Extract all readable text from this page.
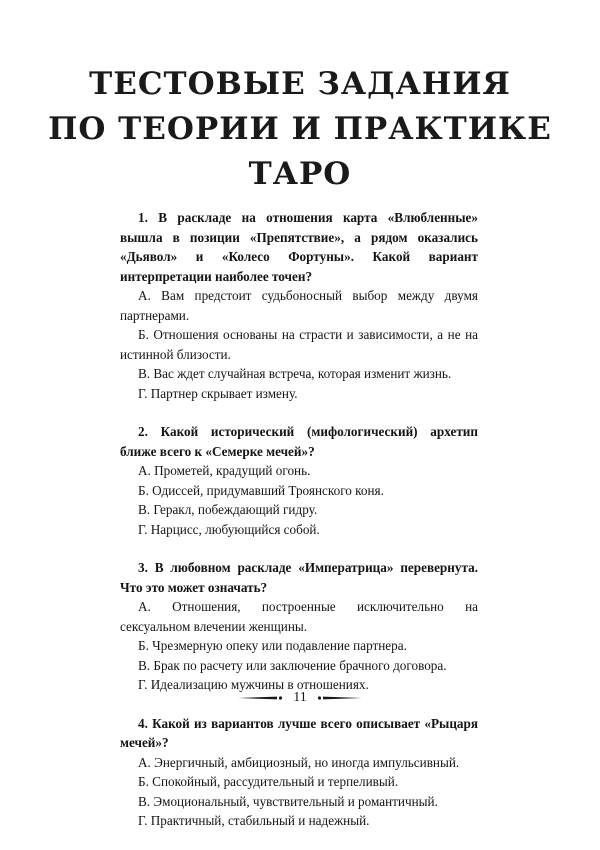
ТЕСТОВЫЕ ЗАДАНИЯ
ПО ТЕОРИИ И ПРАКТИКЕ
ТАРО

1. В раскладе на отношения карта «Влюбленные» вышла в позиции «Препятствие», а рядом оказались «Дьявол» и «Колесо Фортуны». Какой вариант интерпретации наиболее точен?

А. Вам предстоит судьбоносный выбор между двумя партнерами.

Б. Отношения основаны на страсти и зависимости, а не на истинной близости.

В. Вас ждет случайная встреча, которая изменит жизнь.

Г. Партнер скрывает измену.

2. Какой исторический (мифологический) архетип ближе всего к «Семерке мечей»?

А. Прометей, крадущий огонь.

Б. Одиссей, придумавший Троянского коня.

В. Геракл, побеждающий гидру.

Г. Нарцисс, любующийся собой.

3. В любовном раскладе «Императрица» перевернута. Что это может означать?

А. Отношения, построенные исключительно на сексуальном влечении женщины.

Б. Чрезмерную опеку или подавление партнера.

В. Брак по расчету или заключение брачного договора.

Г. Идеализацию мужчины в отношениях.

4. Какой из вариантов лучше всего описывает «Рыцаря мечей»?

А. Энергичный, амбициозный, но иногда импульсивный.

Б. Спокойный, рассудительный и терпеливый.

В. Эмоциональный, чувствительный и романтичный.

Г. Практичный, стабильный и надежный.

11
